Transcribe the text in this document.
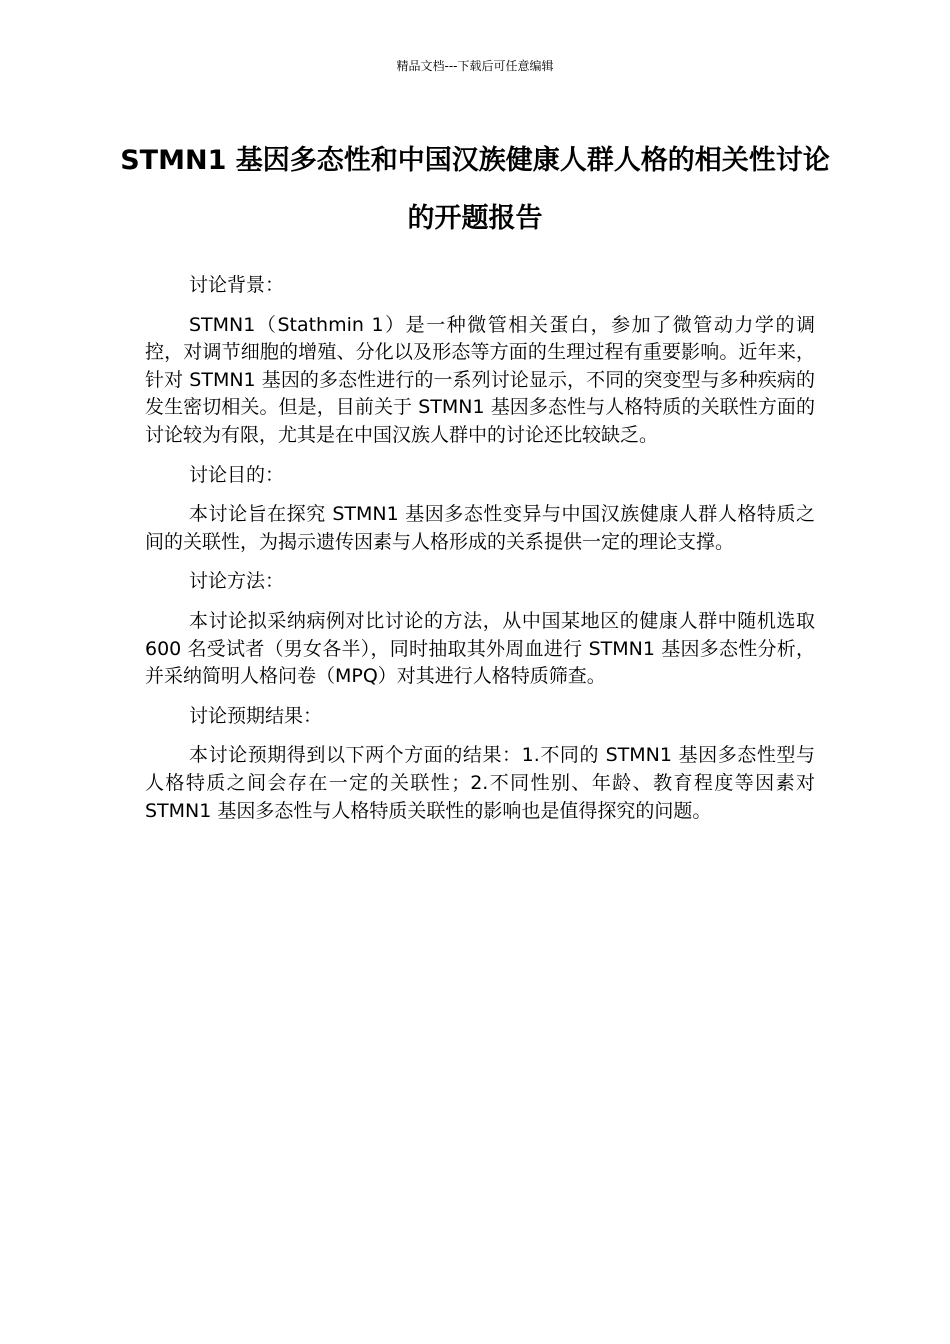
精品文档---下载后可任意编辑
STMN1 基因多态性和中国汉族健康人群人格的相关性讨论的开题报告

讨论背景：

STMN1（Stathmin 1）是一种微管相关蛋白，参加了微管动力学的调控，对调节细胞的增殖、分化以及形态等方面的生理过程有重要影响。近年来，针对 STMN1 基因的多态性进行的一系列讨论显示，不同的突变型与多种疾病的发生密切相关。但是，目前关于 STMN1 基因多态性与人格特质的关联性方面的讨论较为有限，尤其是在中国汉族人群中的讨论还比较缺乏。

讨论目的：

本讨论旨在探究 STMN1 基因多态性变异与中国汉族健康人群人格特质之间的关联性，为揭示遗传因素与人格形成的关系提供一定的理论支撑。

讨论方法：

本讨论拟采纳病例对比讨论的方法，从中国某地区的健康人群中随机选取 600 名受试者（男女各半），同时抽取其外周血进行 STMN1 基因多态性分析，并采纳简明人格问卷（MPQ）对其进行人格特质筛查。

讨论预期结果：

本讨论预期得到以下两个方面的结果：1.不同的 STMN1 基因多态性型与人格特质之间会存在一定的关联性；2.不同性别、年龄、教育程度等因素对 STMN1 基因多态性与人格特质关联性的影响也是值得探究的问题。
